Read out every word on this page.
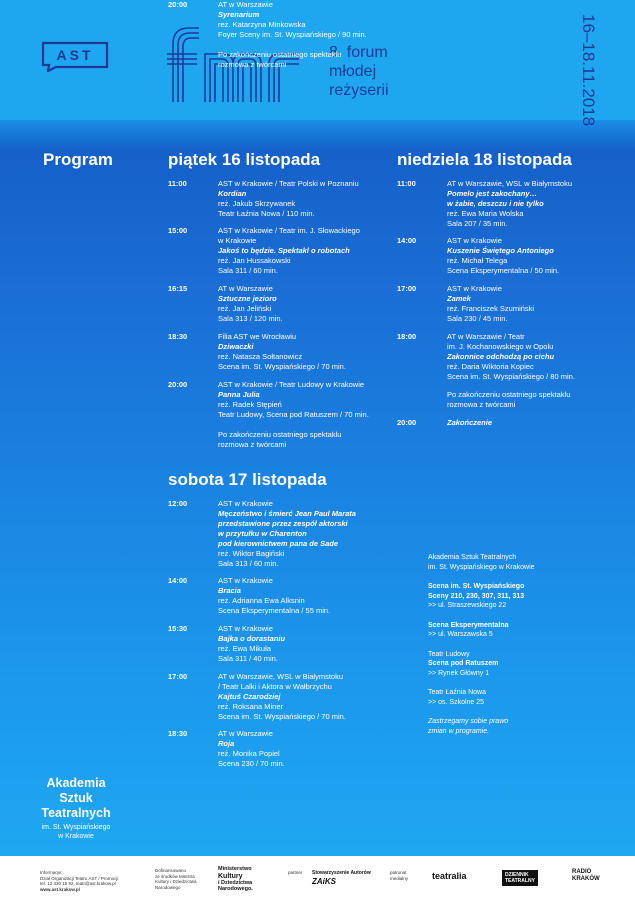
AST	8. forum
młodej
reżyserii	16–18.11.2018
Program	piątek 16 listopada
11:00	AST w Krakowie / Teatr Polski w Poznaniu
Kordian
reż. Jakub Skrzywanek
Teatr Łaźnia Nowa / 110 min.
15:00	AST w Krakowie / Teatr im. J. Słowackiego
w Krakowie
Jakoś to będzie. Spektakl o robotach
reż. Jan Hussakowski
Sala 311 / 60 min.
16:15	AT w Warszawie
Sztuczne jezioro
reż. Jan Jeliński
Sala 313 / 120 min.
18:30	Filia AST we Wrocławiu
Dziwaczki
reż. Natasza Sołtanowicz
Scena im. St. Wyspiańskiego / 70 min.
20:00	AST w Krakowie / Teatr Ludowy w Krakowie
Panna Julia
reż. Radek Stępień
Teatr Ludowy, Scena pod Ratuszem / 70 min.
Po zakończeniu ostatniego spektaklu
rozmowa z twórcami
sobota 17 listopada
12:00	AST w Krakowie
Męczeństwo i śmierć Jean Paul Marata
przedstawione przez zespół aktorski
w przytułku w Charenton
pod kierownictwem pana de Sade
reż. Wiktor Bagiński
Sala 313 / 60 min.
14:00	AST w Krakowie
Bracia
reż. Adrianna Ewa Alksnin
Scena Eksperymentalna / 55 min.
15:30	AST w Krakowie
Bajka o dorastaniu
reż. Ewa Mikuła
Sala 311 / 40 min.
17:00	AT w Warszawie, WSL w Białymstoku
/ Teatr Lalki i Aktora w Wałbrzychu
Kajtuś Czarodziej
reż. Roksana Miner
Scena im. St. Wyspiańskiego / 70 min.
18:30	AT w Warszawie
Roja
reż. Monika Popiel
Scena 230 / 70 min.
20:00	AT w Warszawie
Syrenarium
reż. Katarzyna Minkowska
Foyer Sceny im. St. Wyspiańskiego / 90 min.
Po zakończeniu ostatniego spektaklu
rozmowa z twórcami
niedziela 18 listopada
11:00	AT w Warszawie, WSL w Białymstoku
Pomelo jest zakochany…
w żabie, deszczu i nie tylko
reż. Ewa Maria Wolska
Sala 207 / 35 min.
14:00	AST w Krakowie
Kuszenie Świętego Antoniego
reż. Michał Telega
Scena Eksperymentalna / 50 min.
17:00	AST w Krakowie
Zamek
reż. Franciszek Szumiński
Sala 230 / 45 min.
18:00	AT w Warszawie / Teatr
im. J. Kochanowskiego w Opolu
Zakonnice odchodzą po cichu
reż. Daria Wiktoria Kopiec
Scena im. St. Wyspiańskiego / 80 min.
20:00	Zakończenie
Po zakończeniu ostatniego spektaklu
rozmowa z twórcami
Akademia Sztuk Teatralnych
im. St. Wyspiańskiego w Krakowie
Scena im. St. Wyspiańskiego
Sceny 210, 230, 307, 311, 313
>> ul. Straszewskiego 22
Scena Eksperymentalna
>> ul. Warszawska 5
Teatr Ludowy
Scena pod Ratuszem
>> Rynek Główny 1
Teatr Łaźnia Nowa
>> os. Szkolne 25
Zastrzegamy sobie prawo
zmian w programie.
Akademia
Sztuk
Teatralnych
im. St. Wyspiańskiego
w Krakowie
Informacje:
Dział Organizacji Teatru AST / Promocji
tel. 12 430 15 92, teatr@ast.krakow.pl
www.ast.krakow.pl
Dofinansowano
ze środków Ministra
Kultury i Dziedzictwa
Narodowego
Ministerstwo
Kultury
i Dziedzictwa
Narodowego.
partner Stowarzyszenie Autorów
ZAiKS
patronat
medialny	teatralia	DZIENNIK
TEATRALNY
RADIO
KRAKÓW
